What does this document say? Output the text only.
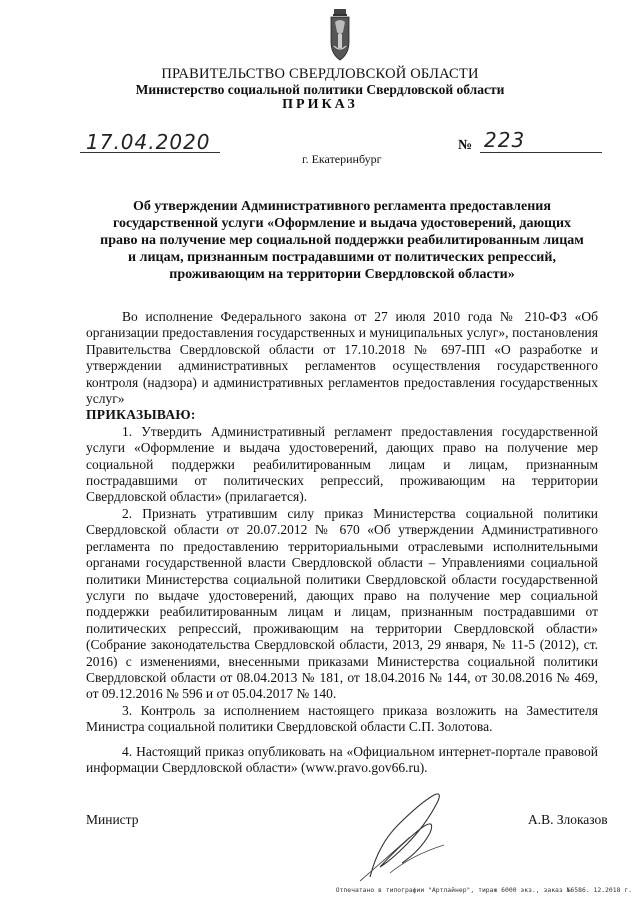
ПРАВИТЕЛЬСТВО СВЕРДЛОВСКОЙ ОБЛАСТИ
Министерство социальной политики Свердловской области
ПРИКАЗ
17.04.2020	№ 223
г. Екатеринбург
Об утверждении Административного регламента предоставления
государственной услуги «Оформление и выдача удостоверений, дающих
право на получение мер социальной поддержки реабилитированным лицам
и лицам, признанным пострадавшими от политических репрессий,
проживающим на территории Свердловской области»

Во исполнение Федерального закона от 27 июля 2010 года № 210-ФЗ «Об организации предоставления государственных и муниципальных услуг», постановления Правительства Свердловской области от 17.10.2018 № 697-ПП «О разработке и утверждении административных регламентов осуществления государственного контроля (надзора) и административных регламентов предоставления государственных услуг»

ПРИКАЗЫВАЮ:

1. Утвердить Административный регламент предоставления государственной услуги «Оформление и выдача удостоверений, дающих право на получение мер социальной поддержки реабилитированным лицам и лицам, признанным пострадавшими от политических репрессий, проживающим на территории Свердловской области» (прилагается).

2. Признать утратившим силу приказ Министерства социальной политики Свердловской области от 20.07.2012 № 670 «Об утверждении Административного регламента по предоставлению территориальными отраслевыми исполнительными органами государственной власти Свердловской области – Управлениями социальной политики Министерства социальной политики Свердловской области государственной услуги по выдаче удостоверений, дающих право на получение мер социальной поддержки реабилитированным лицам и лицам, признанным пострадавшими от политических репрессий, проживающим на территории Свердловской области» (Собрание законодательства Свердловской области, 2013, 29 января, № 11-5 (2012), ст. 2016) с изменениями, внесенными приказами Министерства социальной политики Свердловской области от 08.04.2013 № 181, от 18.04.2016 № 144, от 30.08.2016 № 469, от 09.12.2016 № 596 и от 05.04.2017 № 140.

3. Контроль за исполнением настоящего приказа возложить на Заместителя Министра социальной политики Свердловской области С.П. Золотова.

4. Настоящий приказ опубликовать на «Официальном интернет-портале правовой информации Свердловской области» (www.pravo.gov66.ru).

Министр	А.В. Злоказов
Отпечатано в типографии "Артлайнер", тираж 6000 экз., заказ №6586. 12.2018 г.
